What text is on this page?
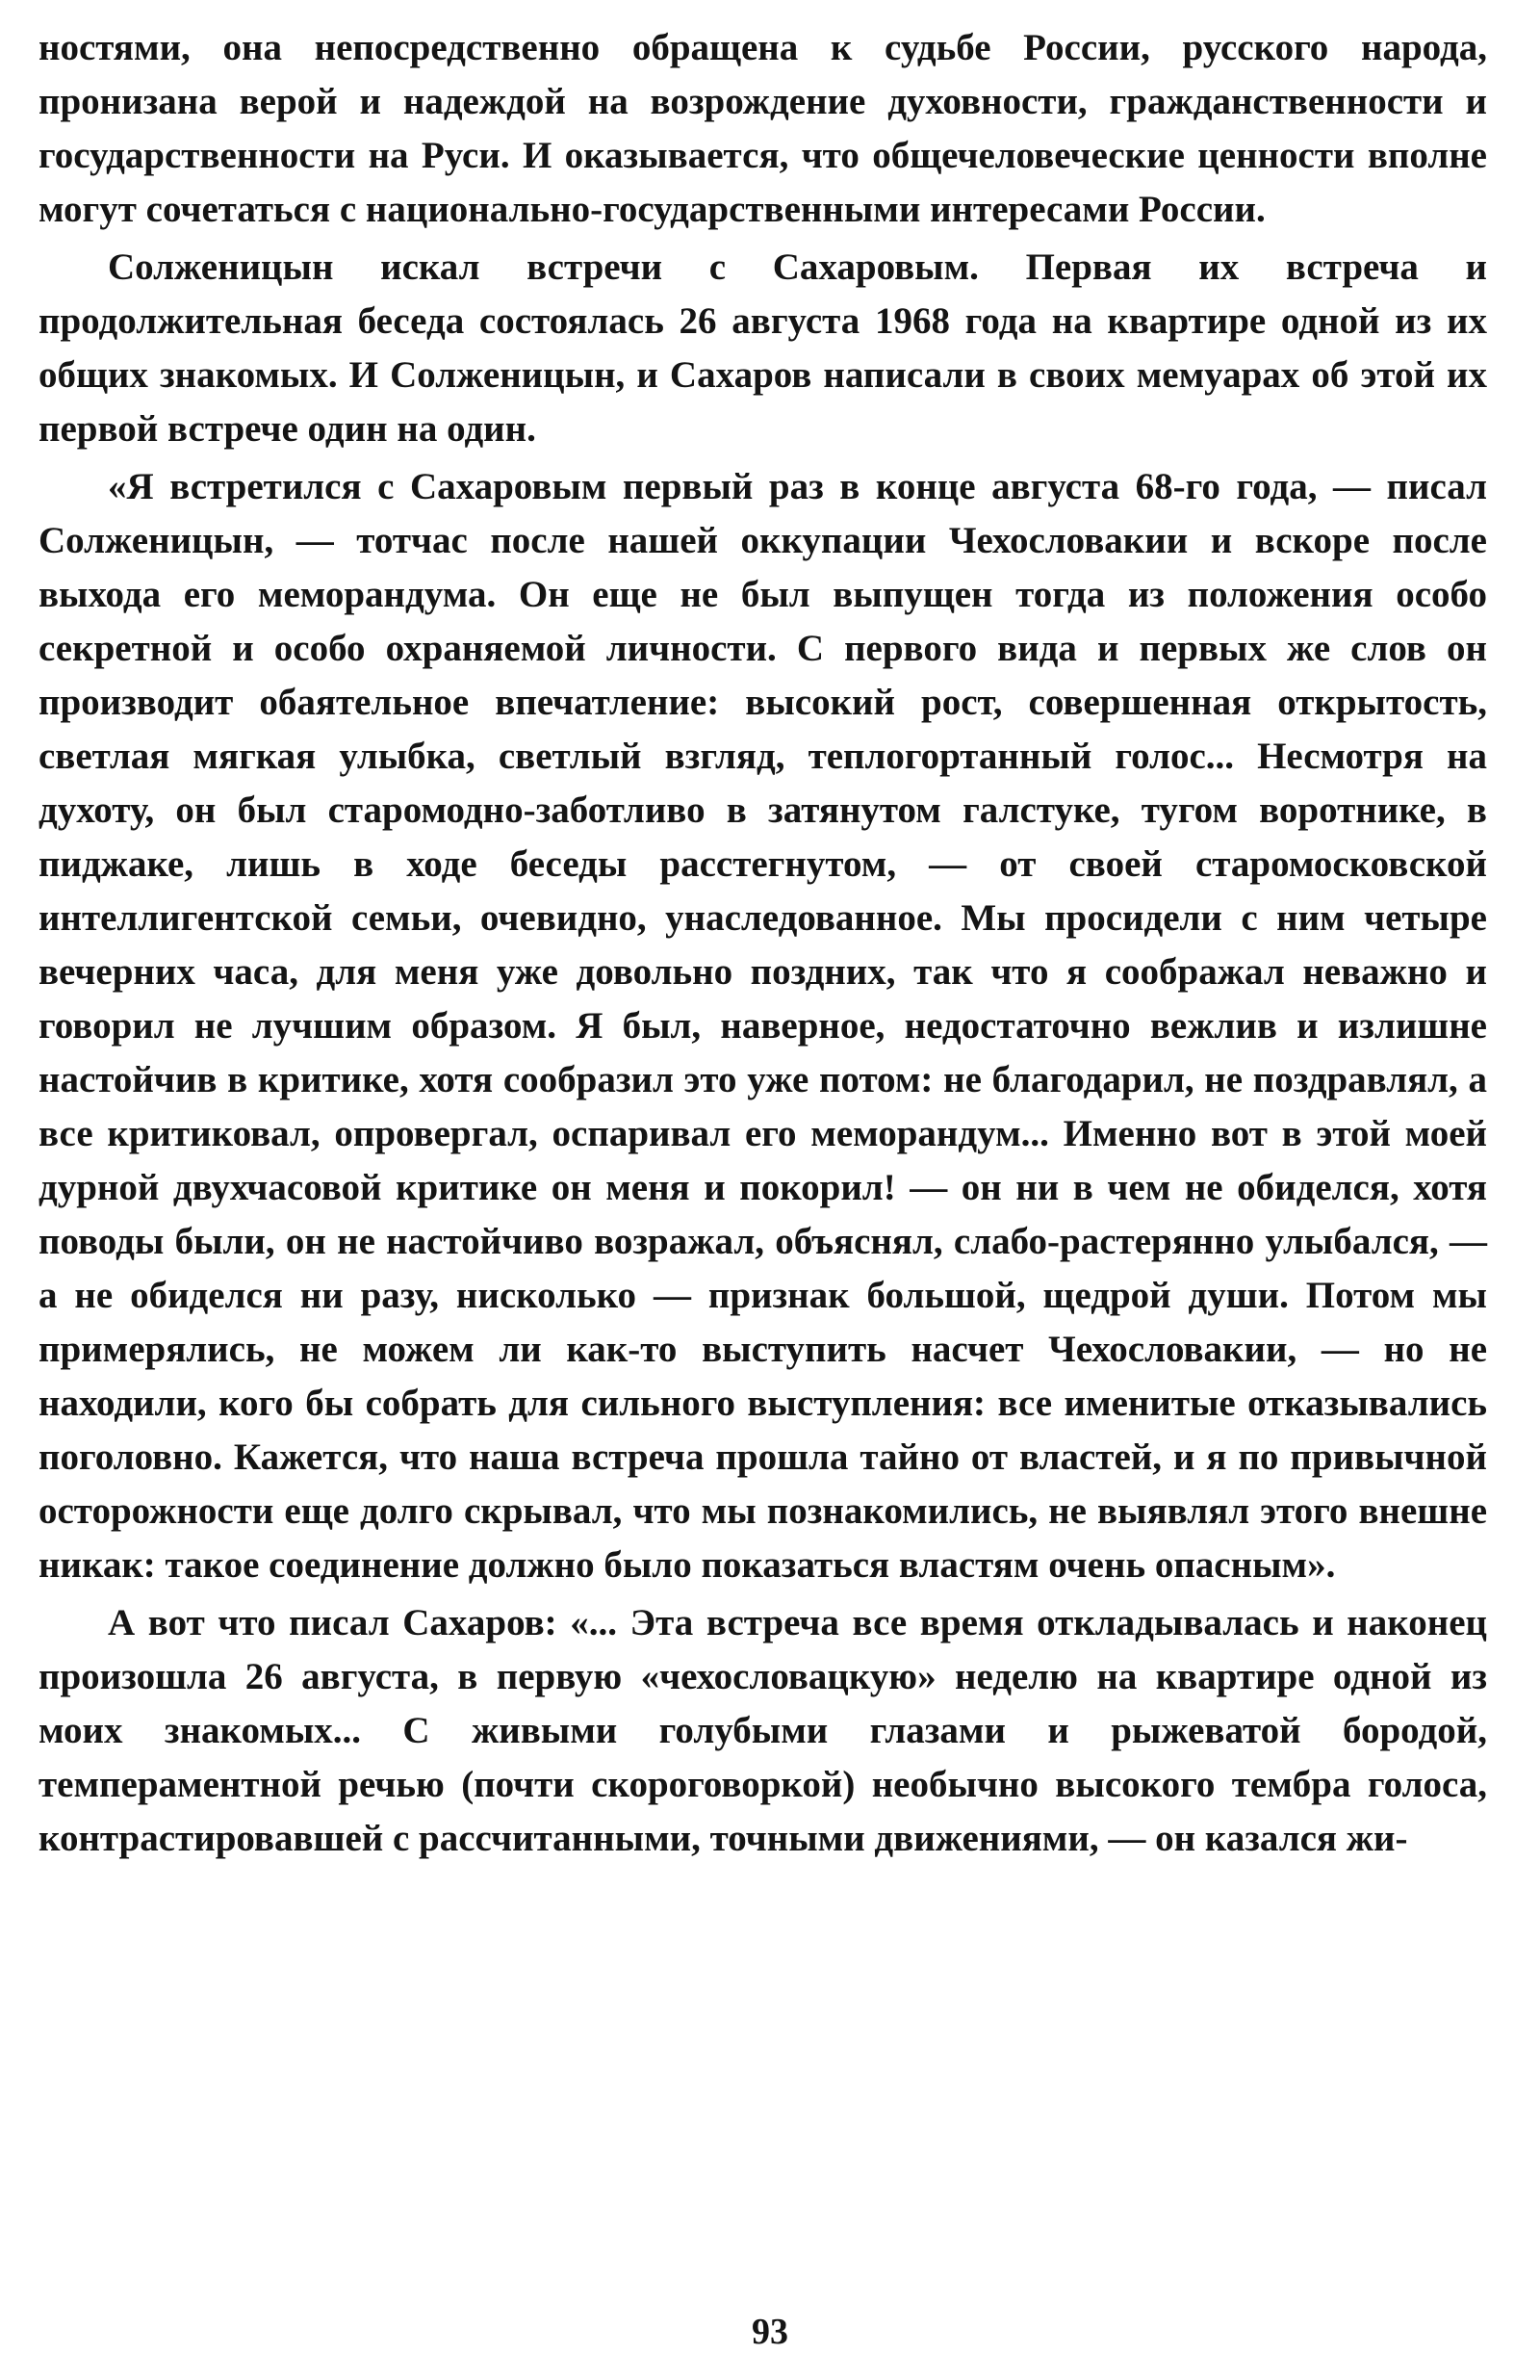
ностями, она непосредственно обращена к судьбе России, русского народа, пронизана верой и надеждой на возрождение духовности, гражданственности и государственности на Руси. И оказывается, что общечеловеческие ценности вполне могут сочетаться с национально-государственными интересами России.

Солженицын искал встречи с Сахаровым. Первая их встреча и продолжительная беседа состоялась 26 августа 1968 года на квартире одной из их общих знакомых. И Солженицын, и Сахаров написали в своих мемуарах об этой их первой встрече один на один.

«Я встретился с Сахаровым первый раз в конце августа 68-го года, — писал Солженицын, — тотчас после нашей оккупации Чехословакии и вскоре после выхода его меморандума. Он еще не был выпущен тогда из положения особо секретной и особо охраняемой личности. С первого вида и первых же слов он производит обаятельное впечатление: высокий рост, совершенная открытость, светлая мягкая улыбка, светлый взгляд, теплогортанный голос... Несмотря на духоту, он был старомодно-заботливо в затянутом галстуке, тугом воротнике, в пиджаке, лишь в ходе беседы расстегнутом, — от своей старомосковской интеллигентской семьи, очевидно, унаследованное. Мы просидели с ним четыре вечерних часа, для меня уже довольно поздних, так что я соображал неважно и говорил не лучшим образом. Я был, наверное, недостаточно вежлив и излишне настойчив в критике, хотя сообразил это уже потом: не благодарил, не поздравлял, а все критиковал, опровергал, оспаривал его меморандум... Именно вот в этой моей дурной двухчасовой критике он меня и покорил! — он ни в чем не обиделся, хотя поводы были, он не настойчиво возражал, объяснял, слабо-растерянно улыбался, — а не обиделся ни разу, нисколько — признак большой, щедрой души. Потом мы примерялись, не можем ли как-то выступить насчет Чехословакии, — но не находили, кого бы собрать для сильного выступления: все именитые отказывались поголовно. Кажется, что наша встреча прошла тайно от властей, и я по привычной осторожности еще долго скрывал, что мы познакомились, не выявлял этого внешне никак: такое соединение должно было показаться властям очень опасным».

А вот что писал Сахаров: «... Эта встреча все время откладывалась и наконец произошла 26 августа, в первую «чехословацкую» неделю на квартире одной из моих знакомых... С живыми голубыми глазами и рыжеватой бородой, темпераментной речью (почти скороговоркой) необычно высокого тембра голоса, контрастировавшей с рассчитанными, точными движениями, — он казался жи-

93
